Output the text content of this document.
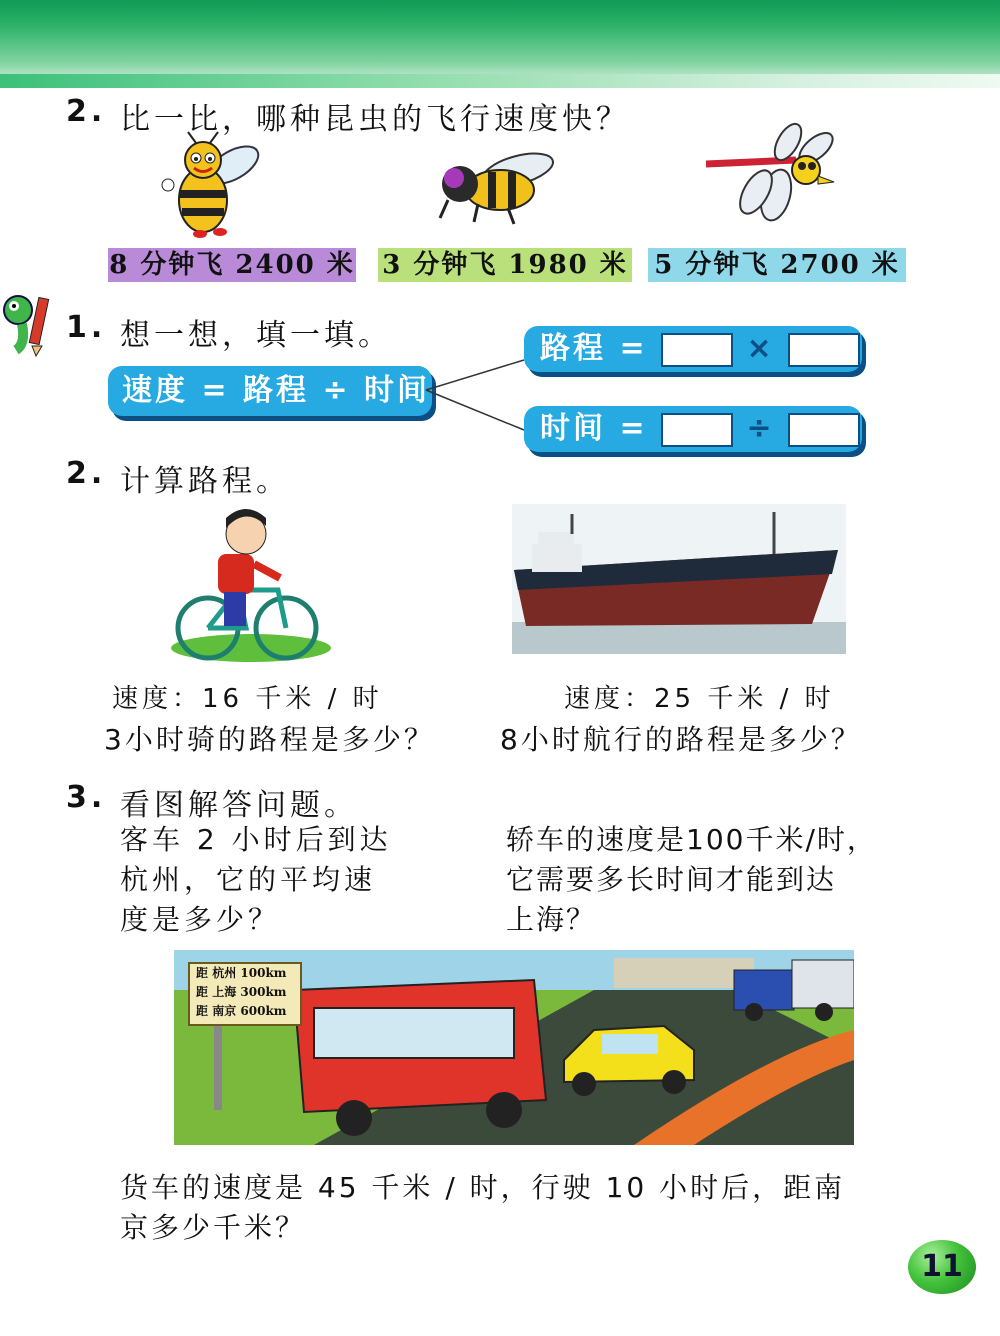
2. 比一比，哪种昆虫的飞行速度快？
8 分钟飞 2400 米 3 分钟飞 1980 米 5 分钟飞 2700 米
1. 想一想，填一填。
速度 = 路程 ÷ 时间
路程 =	×
时间 =	÷
2. 计算路程。
速度：16 千米 / 时
3小时骑的路程是多少？
速度：25 千米 / 时
8小时航行的路程是多少？
3. 看图解答问题。
客车 2 小时后到达
杭州，它的平均速
度是多少？
轿车的速度是100千米/时，
它需要多长时间才能到达
上海？
距 杭州 100km
距 上海 300km
距 南京 600km
货车的速度是 45 千米 / 时，行驶 10 小时后，距南
京多少千米？
11
